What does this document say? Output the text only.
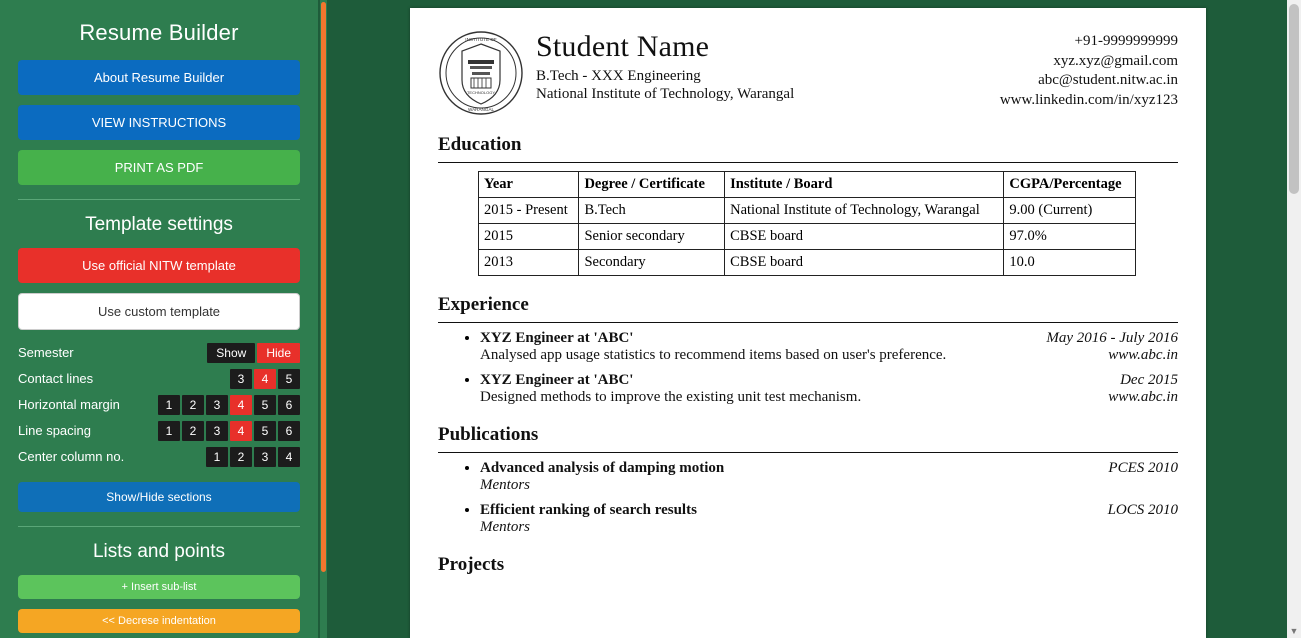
Resume Builder
About Resume Builder
VIEW INSTRUCTIONS
PRINT AS PDF
Template settings
Use official NITW template
Use custom template
Semester	Show	Hide
Contact lines	3	4	5
Horizontal margin	1	2	3	4	5	6
Line spacing	1	2	3	4	5	6
Center column no.	1	2	3	4
Show/Hide sections
Lists and points
+ Insert sub-list
<< Decrese indentation
INSTITUTE OF
WARANGAL
TECHNOLOGY
Student Name
B.Tech - XXX Engineering
National Institute of Technology, Warangal
+91-9999999999
xyz.xyz@gmail.com
abc@student.nitw.ac.in
www.linkedin.com/in/xyz123
Education
Year	Degree / Certificate	Institute / Board	CGPA/Percentage
2015 - Present	B.Tech	National Institute of Technology, Warangal	9.00 (Current)
2015	Senior secondary	CBSE board	97.0%
2013	Secondary	CBSE board	10.0
Experience
• XYZ Engineer at 'ABC'	May 2016 - July 2016
Analysed app usage statistics to recommend items based on user's preference.	www.abc.in
• XYZ Engineer at 'ABC'	Dec 2015
Designed methods to improve the existing unit test mechanism.	www.abc.in
Publications
• Advanced analysis of damping motion	PCES 2010
Mentors
• Efficient ranking of search results	LOCS 2010
Mentors
Projects
▼
